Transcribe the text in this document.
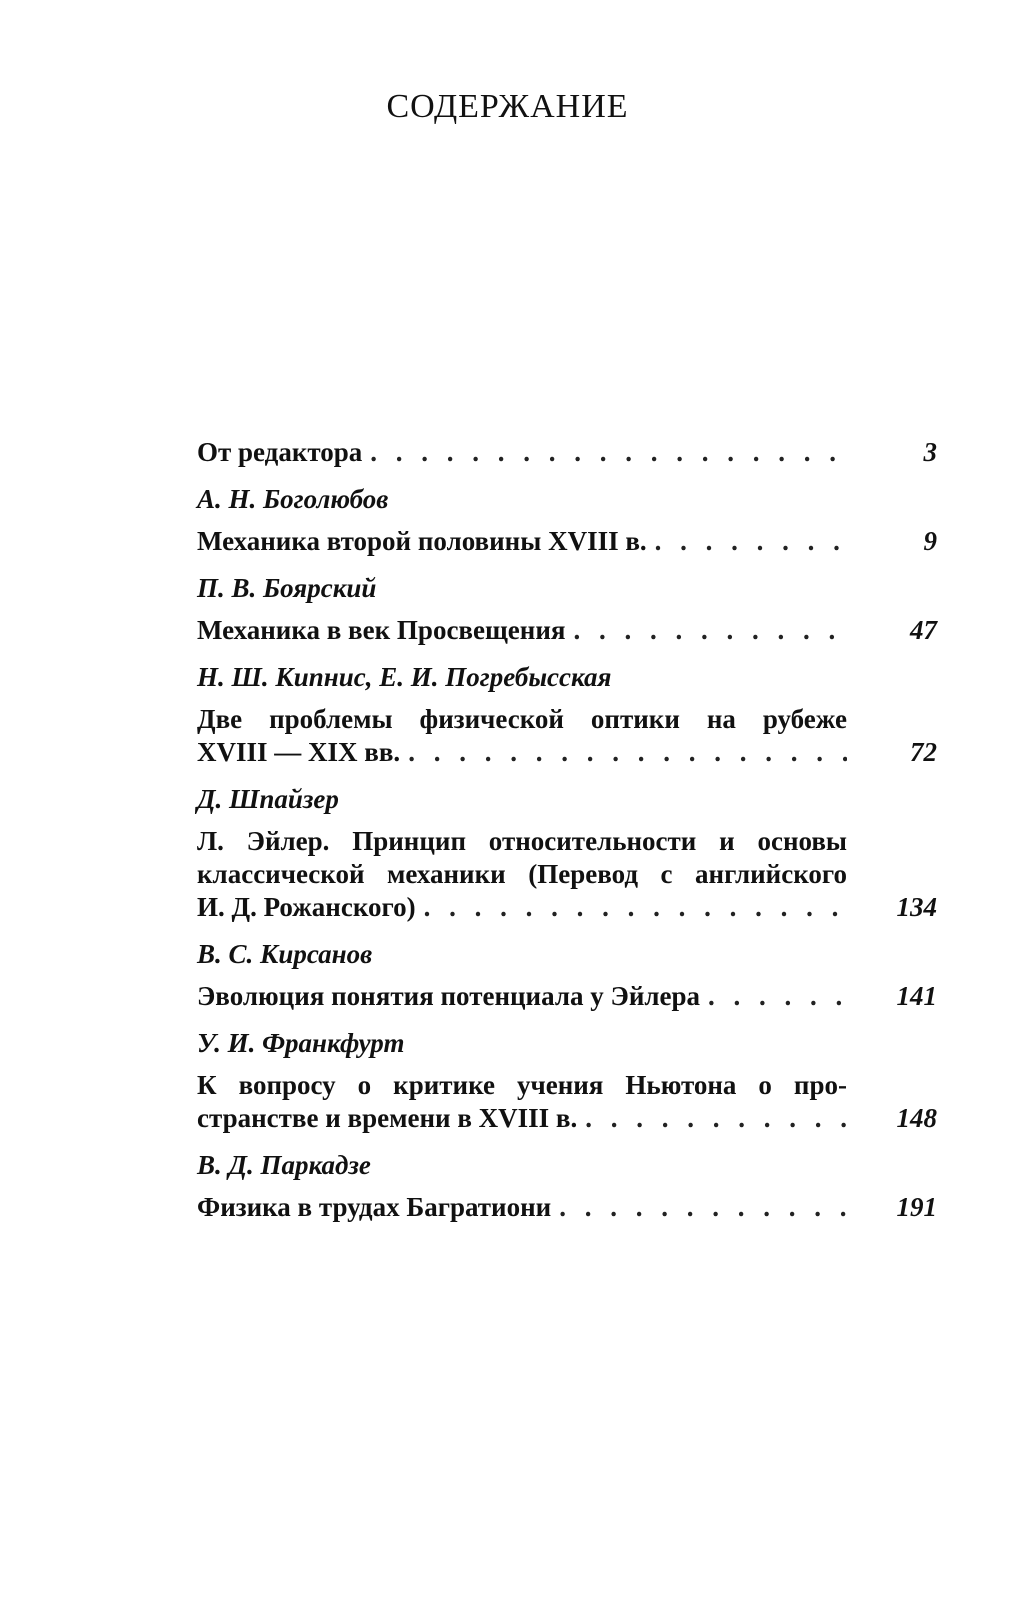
СОДЕРЖАНИЕ
От редактора . . .	3
А. Н. Боголюбов
Механика второй половины XVIII в. . . .	9
П. В. Боярский
Механика в век Просвещения . . .	47
Н. Ш. Кипнис, Е. И. Погребысская
Две проблемы физической оптики на рубеже
XVIII — XIX вв. . . .	72
Д. Шпайзер
Л. Эйлер. Принцип относительности и основы
классической механики (Перевод с английского
И. Д. Рожанского) . . .	134
В. С. Кирсанов
Эволюция понятия потенциала у Эйлера . . .	141
У. И. Франкфурт
К вопросу о критике учения Ньютона о про-
странстве и времени в XVIII в. . . .	148
В. Д. Паркадзе
Физика в трудах Багратиони . . .	191
